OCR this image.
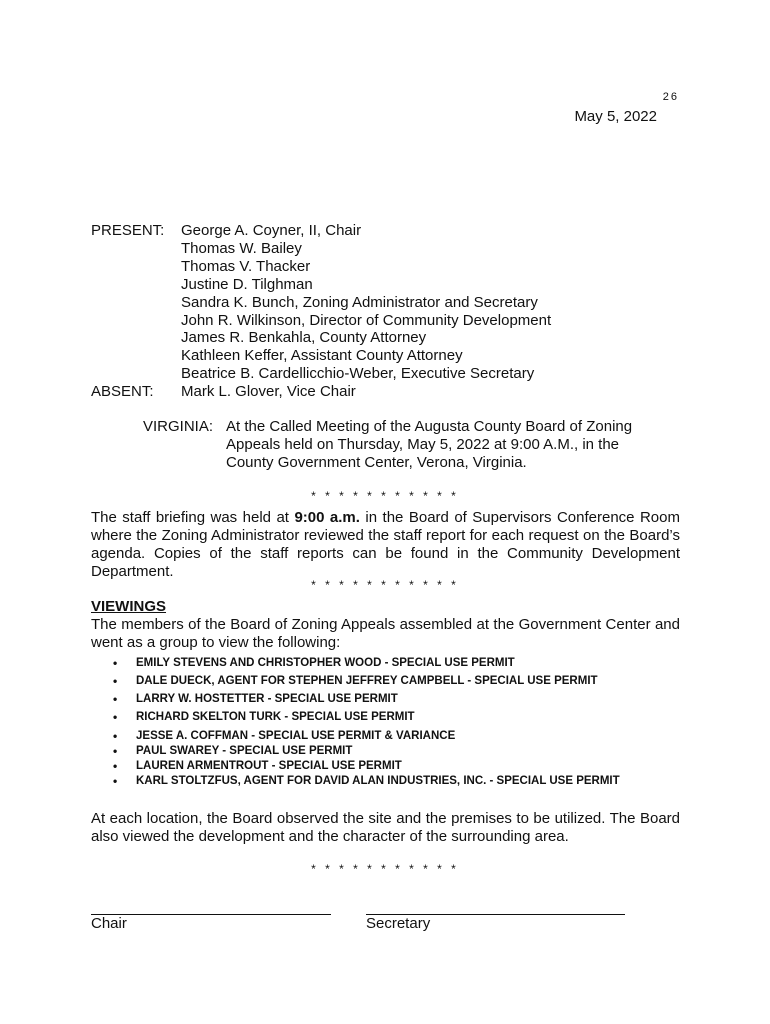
26
May 5, 2022
PRESENT:	George A. Coyner, II, Chair
Thomas W. Bailey
Thomas V. Thacker
Justine D. Tilghman
Sandra K. Bunch, Zoning Administrator and Secretary
John R. Wilkinson, Director of Community Development
James R. Benkahla, County Attorney
Kathleen Keffer, Assistant County Attorney
Beatrice B. Cardellicchio-Weber, Executive Secretary
ABSENT:	Mark L. Glover, Vice Chair
VIRGINIA: At the Called Meeting of the Augusta County Board of Zoning Appeals held on Thursday, May 5, 2022 at 9:00 A.M., in the County Government Center, Verona, Virginia.
* * * * * * * * * * *
The staff briefing was held at 9:00 a.m. in the Board of Supervisors Conference Room where the Zoning Administrator reviewed the staff report for each request on the Board’s agenda. Copies of the staff reports can be found in the Community Development Department.
* * * * * * * * * * *
VIEWINGS
The members of the Board of Zoning Appeals assembled at the Government Center and went as a group to view the following:
•	EMILY STEVENS AND CHRISTOPHER WOOD - SPECIAL USE PERMIT
•	DALE DUECK, AGENT FOR STEPHEN JEFFREY CAMPBELL - SPECIAL USE PERMIT
•	LARRY W. HOSTETTER - SPECIAL USE PERMIT
•	RICHARD SKELTON TURK - SPECIAL USE PERMIT
•	JESSE A. COFFMAN - SPECIAL USE PERMIT & VARIANCE
•	PAUL SWAREY - SPECIAL USE PERMIT
•	LAUREN ARMENTROUT - SPECIAL USE PERMIT
•	KARL STOLTZFUS, AGENT FOR DAVID ALAN INDUSTRIES, INC. - SPECIAL USE PERMIT
At each location, the Board observed the site and the premises to be utilized. The Board also viewed the development and the character of the surrounding area.
* * * * * * * * * * *
Chair	Secretary
